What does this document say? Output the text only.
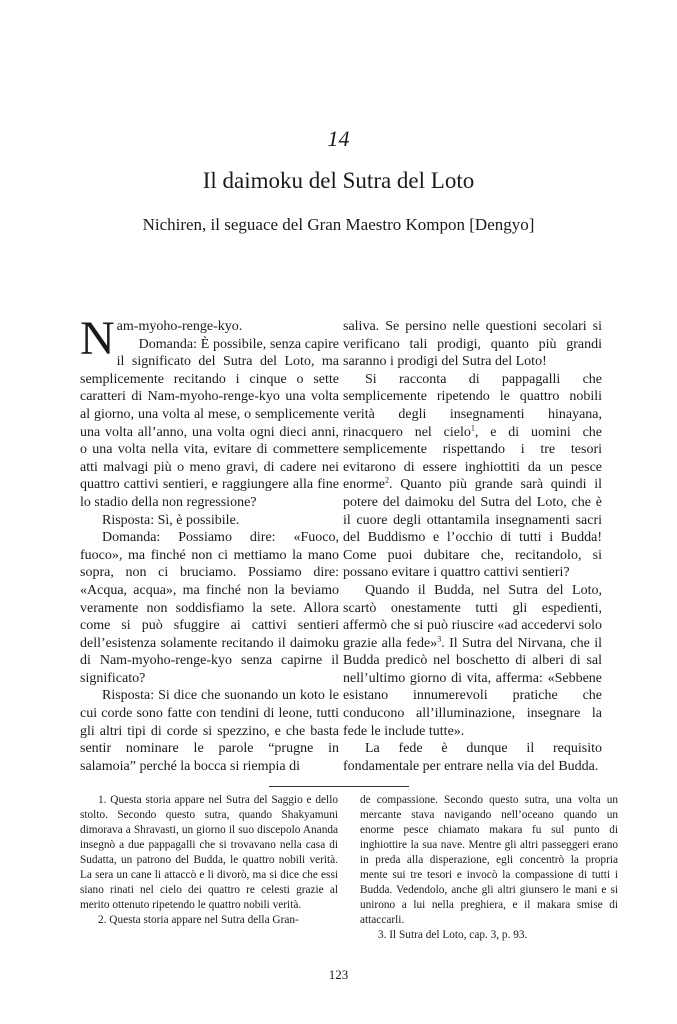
14
Il daimoku del Sutra del Loto
Nichiren, il seguace del Gran Maestro Kompon [Dengyo]

Nam-myoho-renge-kyo.

Domanda: È possibile, senza capire il significato del Sutra del Loto, ma semplicemente recitando i cinque o sette caratteri di Nam-myoho-renge-kyo una volta al giorno, una volta al mese, o semplicemente una volta all’anno, una volta ogni dieci anni, o una volta nella vita, evitare di commettere atti malvagi più o meno gravi, di cadere nei quattro cattivi sentieri, e raggiungere alla fine lo stadio della non regressione?

Risposta: Sì, è possibile.

Domanda: Possiamo dire: «Fuoco, fuoco», ma finché non ci mettiamo la mano sopra, non ci bruciamo. Possiamo dire: «Acqua, acqua», ma finché non la beviamo veramente non soddisfiamo la sete. Allora come si può sfuggire ai cattivi sentieri dell’esistenza solamente recitando il daimoku di Nam-myoho-renge-kyo senza capirne il significato?

Risposta: Si dice che suonando un koto le cui corde sono fatte con tendini di leone, tutti gli altri tipi di corde si spezzino, e che basta sentir nominare le parole “prugne in salamoia” perché la bocca si riempia di

saliva. Se persino nelle questioni secolari si verificano tali prodigi, quanto più grandi saranno i prodigi del Sutra del Loto!

Si racconta di pappagalli che semplicemente ripetendo le quattro nobili verità degli insegnamenti hinayana, rinacquero nel cielo$^1$, e di uomini che semplicemente rispettando i tre tesori evitarono di essere inghiottiti da un pesce enorme$^2$. Quanto più grande sarà quindi il potere del daimoku del Sutra del Loto, che è il cuore degli ottantamila insegnamenti sacri del Buddismo e l’occhio di tutti i Budda! Come puoi dubitare che, recitandolo, si possano evitare i quattro cattivi sentieri?

Quando il Budda, nel Sutra del Loto, scartò onestamente tutti gli espedienti, affermò che si può riuscire «ad accedervi solo grazie alla fede»$^3$. Il Sutra del Nirvana, che il Budda predicò nel boschetto di alberi di sal nell’ultimo giorno di vita, afferma: «Sebbene esistano innumerevoli pratiche che conducono all’illuminazione, insegnare la fede le include tutte».

La fede è dunque il requisito fondamentale per entrare nella via del Budda.

1. Questa storia appare nel Sutra del Saggio e dello stolto. Secondo questo sutra, quando Shakyamuni dimorava a Shravasti, un giorno il suo discepolo Ananda insegnò a due pappagalli che si trovavano nella casa di Sudatta, un patrono del Budda, le quattro nobili verità. La sera un cane li attaccò e li divorò, ma si dice che essi siano rinati nel cielo dei quattro re celesti grazie al merito ottenuto ripetendo le quattro nobili verità.

2. Questa storia appare nel Sutra della Gran-

de compassione. Secondo questo sutra, una volta un mercante stava navigando nell’oceano quando un enorme pesce chiamato makara fu sul punto di inghiottire la sua nave. Mentre gli altri passeggeri erano in preda alla disperazione, egli concentrò la propria mente sui tre tesori e invocò la compassione di tutti i Budda. Vedendolo, anche gli altri giunsero le mani e si unirono a lui nella preghiera, e il makara smise di attaccarli.

3. Il Sutra del Loto, cap. 3, p. 93.

123
